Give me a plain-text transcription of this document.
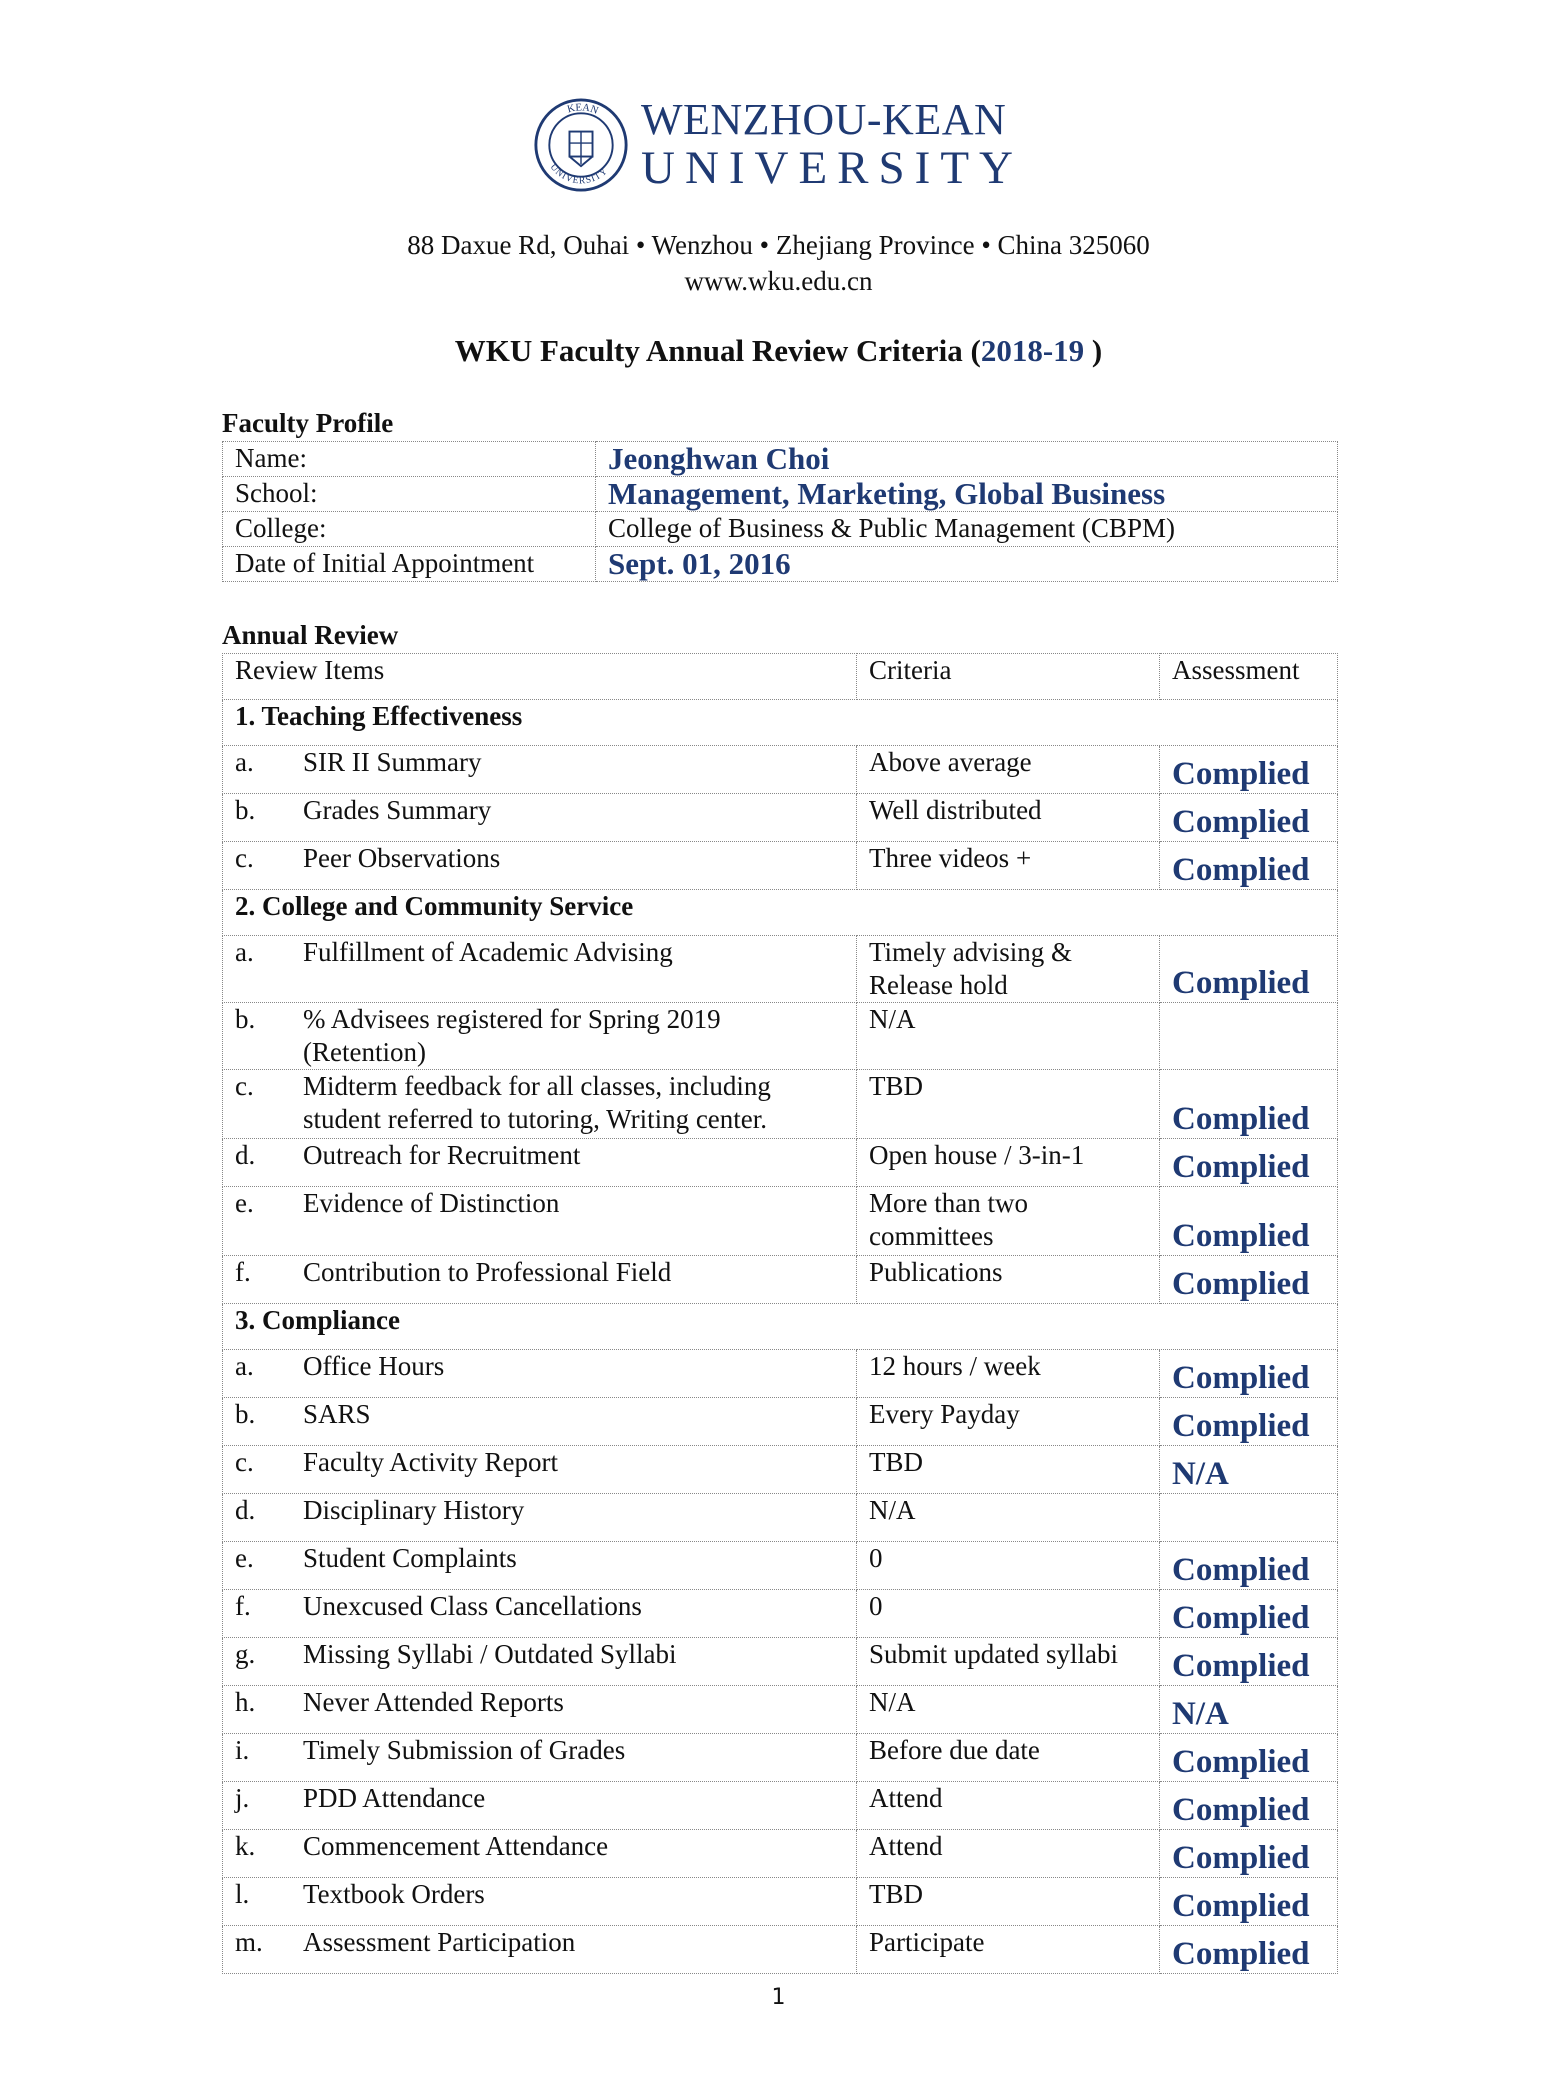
KEAN
UNIVERSITY
WENZHOU-KEAN
UNIVERSITY
88 Daxue Rd, Ouhai • Wenzhou • Zhejiang Province • China 325060
www.wku.edu.cn
WKU Faculty Annual Review Criteria (2018-19 )
Faculty Profile
Name:	Jeonghwan Choi
School:	Management, Marketing, Global Business
College:	College of Business & Public Management (CBPM)
Date of Initial Appointment	Sept. 01, 2016
Annual Review
Review Items	Criteria	Assessment
1. Teaching Effectiveness		

a. SIR II Summary	Above average	Complied

b. Grades Summary	Well distributed	Complied

c. Peer Observations	Three videos +	Complied
2. College and Community Service		

a. Fulfillment of Academic Advising	Timely advising & Release hold	Complied

b. % Advisees registered for Spring 2019 (Retention)	N/A	

c. Midterm feedback for all classes, including student referred to tutoring, Writing center.	TBD	Complied

d. Outreach for Recruitment	Open house / 3-in-1	Complied

e. Evidence of Distinction	More than two committees	Complied

f. Contribution to Professional Field	Publications	Complied
3. Compliance		

a. Office Hours	12 hours / week	Complied

b. SARS	Every Payday	Complied

c. Faculty Activity Report	TBD	N/A

d. Disciplinary History	N/A	

e. Student Complaints	0	Complied

f. Unexcused Class Cancellations	0	Complied

g. Missing Syllabi / Outdated Syllabi	Submit updated syllabi	Complied

h. Never Attended Reports	N/A	N/A

i. Timely Submission of Grades	Before due date	Complied

j. PDD Attendance	Attend	Complied

k. Commencement Attendance	Attend	Complied

l. Textbook Orders	TBD	Complied

m. Assessment Participation	Participate	Complied
1
